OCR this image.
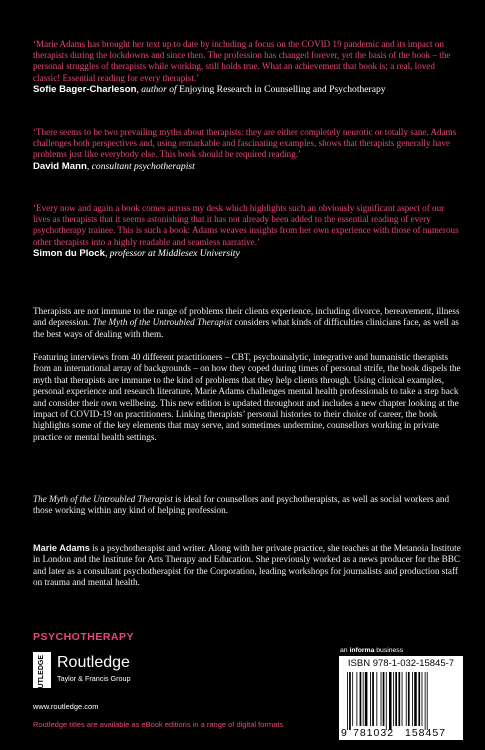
‘Marie Adams has brought her text up to date by including a focus on the COVID 19 pandemic and its impact on therapists during the lockdowns and since then. The profession has changed forever, yet the basis of the book – the personal struggles of therapists while working, still holds true. What an achievement that book is; a real, loved classic! Essential reading for every therapist.’

Sofie Bager-Charleson, author of Enjoying Research in Counselling and Psychotherapy

‘There seems to be two prevailing myths about therapists: they are either completely neurotic or totally sane. Adams challenges both perspectives and, using remarkable and fascinating examples, shows that therapists generally have problems just like everybody else. This book should be required reading.’

David Mann, consultant psychotherapist

‘Every now and again a book comes across my desk which highlights such an obviously significant aspect of our lives as therapists that it seems astonishing that it has not already been added to the essential reading of every psychotherapy trainee. This is such a book: Adams weaves insights from her own experience with those of numerous other therapists into a highly readable and seamless narrative.’

Simon du Plock, professor at Middlesex University

Therapists are not immune to the range of problems their clients experience, including divorce, bereavement, illness and depression. The Myth of the Untroubled Therapist considers what kinds of difficulties clinicians face, as well as the best ways of dealing with them.

Featuring interviews from 40 different practitioners – CBT, psychoanalytic, integrative and humanistic therapists from an international array of backgrounds – on how they coped during times of personal strife, the book dispels the myth that therapists are immune to the kind of problems that they help clients through. Using clinical examples, personal experience and research literature, Marie Adams challenges mental health professionals to take a step back and consider their own wellbeing. This new edition is updated throughout and includes a new chapter looking at the impact of COVID-19 on practitioners. Linking therapists’ personal histories to their choice of career, the book highlights some of the key elements that may serve, and sometimes undermine, counsellors working in private practice or mental health settings.

The Myth of the Untroubled Therapist is ideal for counsellors and psychotherapists, as well as social workers and those working within any kind of helping profession.

Marie Adams is a psychotherapist and writer. Along with her private practice, she teaches at the Metanoia Institute in London and the Institute for Arts Therapy and Education. She previously worked as a news producer for the BBC and later as a consultant psychotherapist for the Corporation, leading workshops for journalists and production staff on trauma and mental health.

PSYCHOTHERAPY
ROUTLEDGE Routledge
Taylor & Francis Group
www.routledge.com
Routledge titles are available as eBook editions in a range of digital formats
an informa business
ISBN 978-1-032-15845-7
9 781032 158457
